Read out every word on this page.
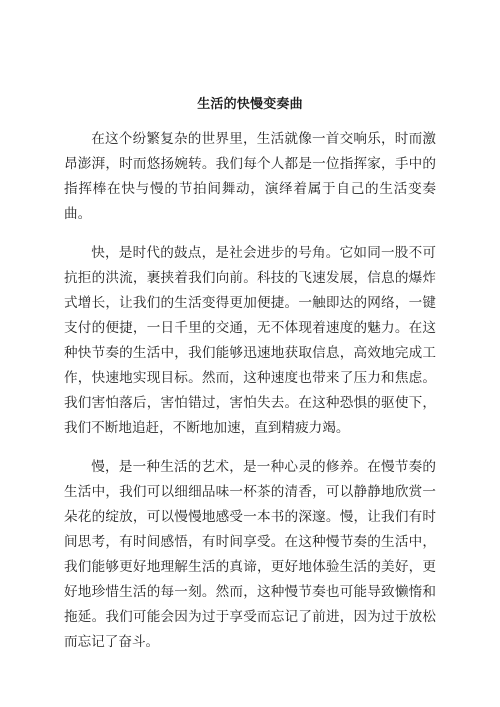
生活的快慢变奏曲

在这个纷繁复杂的世界里，生活就像一首交响乐，时而激昂澎湃，时而悠扬婉转。我们每个人都是一位指挥家，手中的指挥棒在快与慢的节拍间舞动，演绎着属于自己的生活变奏曲。

快，是时代的鼓点，是社会进步的号角。它如同一股不可抗拒的洪流，裹挟着我们向前。科技的飞速发展，信息的爆炸式增长，让我们的生活变得更加便捷。一触即达的网络，一键支付的便捷，一日千里的交通，无不体现着速度的魅力。在这种快节奏的生活中，我们能够迅速地获取信息，高效地完成工作，快速地实现目标。然而，这种速度也带来了压力和焦虑。我们害怕落后，害怕错过，害怕失去。在这种恐惧的驱使下，我们不断地追赶，不断地加速，直到精疲力竭。

慢，是一种生活的艺术，是一种心灵的修养。在慢节奏的生活中，我们可以细细品味一杯茶的清香，可以静静地欣赏一朵花的绽放，可以慢慢地感受一本书的深邃。慢，让我们有时间思考，有时间感悟，有时间享受。在这种慢节奏的生活中，我们能够更好地理解生活的真谛，更好地体验生活的美好，更好地珍惜生活的每一刻。然而，这种慢节奏也可能导致懒惰和拖延。我们可能会因为过于享受而忘记了前进，因为过于放松而忘记了奋斗。
